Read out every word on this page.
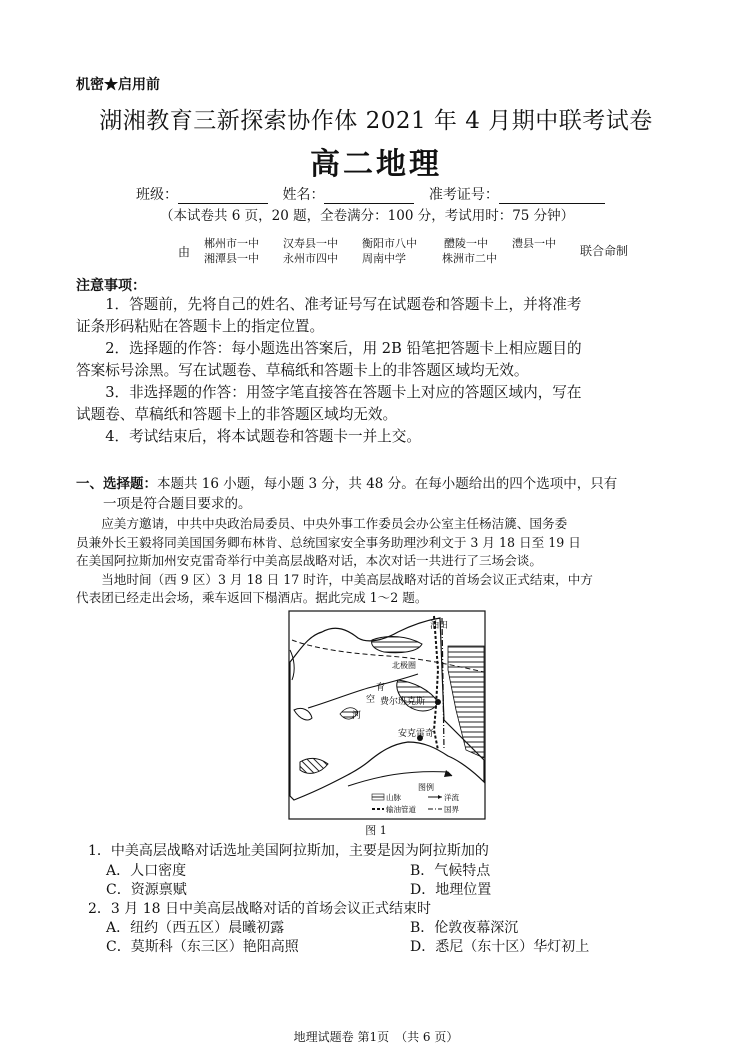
机密★启用前
湖湘教育三新探索协作体 2021 年 4 月期中联考试卷
高二地理
班级：	姓名：	准考证号：
（本试卷共 6 页，20 题，全卷满分：100 分，考试用时：75 分钟）
由
郴州市一中 汉寿县一中 衡阳市八中 醴陵一中 澧县一中
湘潭县一中 永州市四中 周南中学	株洲市二中
联合命制
注意事项：

1．答题前，先将自己的姓名、准考证号写在试题卷和答题卡上，并将准考

证条形码粘贴在答题卡上的指定位置。

2．选择题的作答：每小题选出答案后，用 2B 铅笔把答题卡上相应题目的

答案标号涂黑。写在试题卷、草稿纸和答题卡上的非答题区域均无效。

3．非选择题的作答：用签字笔直接答在答题卡上对应的答题区域内，写在

试题卷、草稿纸和答题卡上的非答题区域均无效。

4．考试结束后，将本试题卷和答题卡一并上交。

一、选择题：本题共 16 小题，每小题 3 分，共 48 分。在每小题给出的四个选项中，只有

一项是符合题目要求的。

应美方邀请，中共中央政治局委员、中央外事工作委员会办公室主任杨洁篪、国务委

员兼外长王毅将同美国国务卿布林肯、总统国家安全事务助理沙利文于 3 月 18 日至 19 日

在美国阿拉斯加州安克雷奇举行中美高层战略对话，本次对话一共进行了三场会谈。

当地时间（西 9 区）3 月 18 日 17 时许，中美高层战略对话的首场会议正式结束，中方

代表团已经走出会场，乘车返回下榻酒店。据此完成 1～2 题。

油田
北极圈
育
空
河
费尔班克斯
安克雷奇
图例
山脉	洋流
输油管道	国界
图 1
1．中美高层战略对话选址美国阿拉斯加，主要是因为阿拉斯加的
A．人口密度	B．气候特点
C．资源禀赋	D．地理位置
2．3 月 18 日中美高层战略对话的首场会议正式结束时
A．纽约（西五区）晨曦初露	B．伦敦夜幕深沉
C．莫斯科（东三区）艳阳高照	D．悉尼（东十区）华灯初上
地理试题卷 第1页　（共 6 页）
